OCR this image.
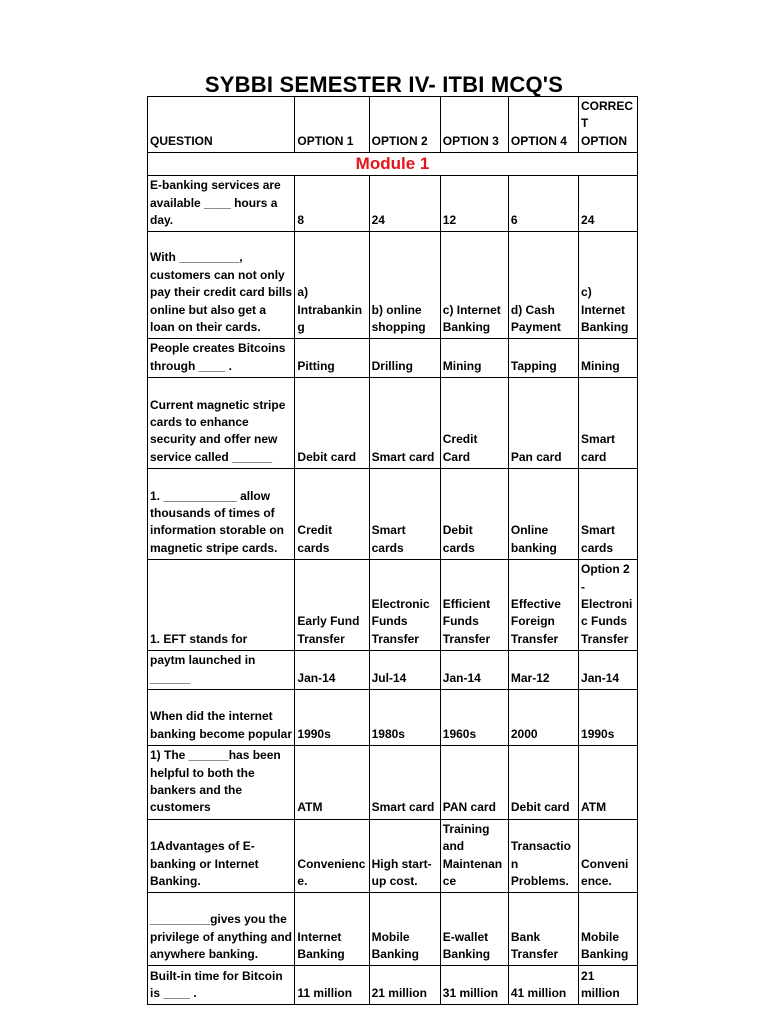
SYBBI SEMESTER IV- ITBI MCQ'S
QUESTION	OPTION 1	OPTION 2	OPTION 3	OPTION 4	CORRECT OPTION
Module 1					
E-banking services are available ____ hours a day.	8	24	12	6	24
With _________, customers can not only pay their credit card bills online but also get a loan on their cards.	a) Intrabanking	b) online shopping	c) Internet Banking	d) Cash Payment	c) Internet Banking
People creates Bitcoins through ____ .	Pitting	Drilling	Mining	Tapping	Mining
Current magnetic stripe cards to enhance security and offer new service called ______	Debit card	Smart card	Credit Card	Pan card	Smart card
1. ___________ allow thousands of times of information storable on magnetic stripe cards.	Credit cards	Smart cards	Debit cards	Online banking	Smart cards
1. EFT stands for	Early Fund Transfer	Electronic Funds Transfer	Efficient Funds Transfer	Effective Foreign Transfer	Option 2 - Electronic Funds Transfer
paytm launched in ______	Jan-14	Jul-14	Jan-14	Mar-12	Jan-14
When did the internet banking become popular	1990s	1980s	1960s	2000	1990s
1) The ______has been helpful to both the bankers and the customers	ATM	Smart card	PAN card	Debit card	ATM
1Advantages of E-banking or Internet Banking.	Convenience.	High start-up cost.	Training and Maintenance	Transaction Problems.	Convenience.
_________gives you the privilege of anything and anywhere banking.	Internet Banking	Mobile Banking	E-wallet Banking	Bank Transfer	Mobile Banking
Built-in time for Bitcoin is ____ .	11 million	21 million	31 million	41 million	21 million
